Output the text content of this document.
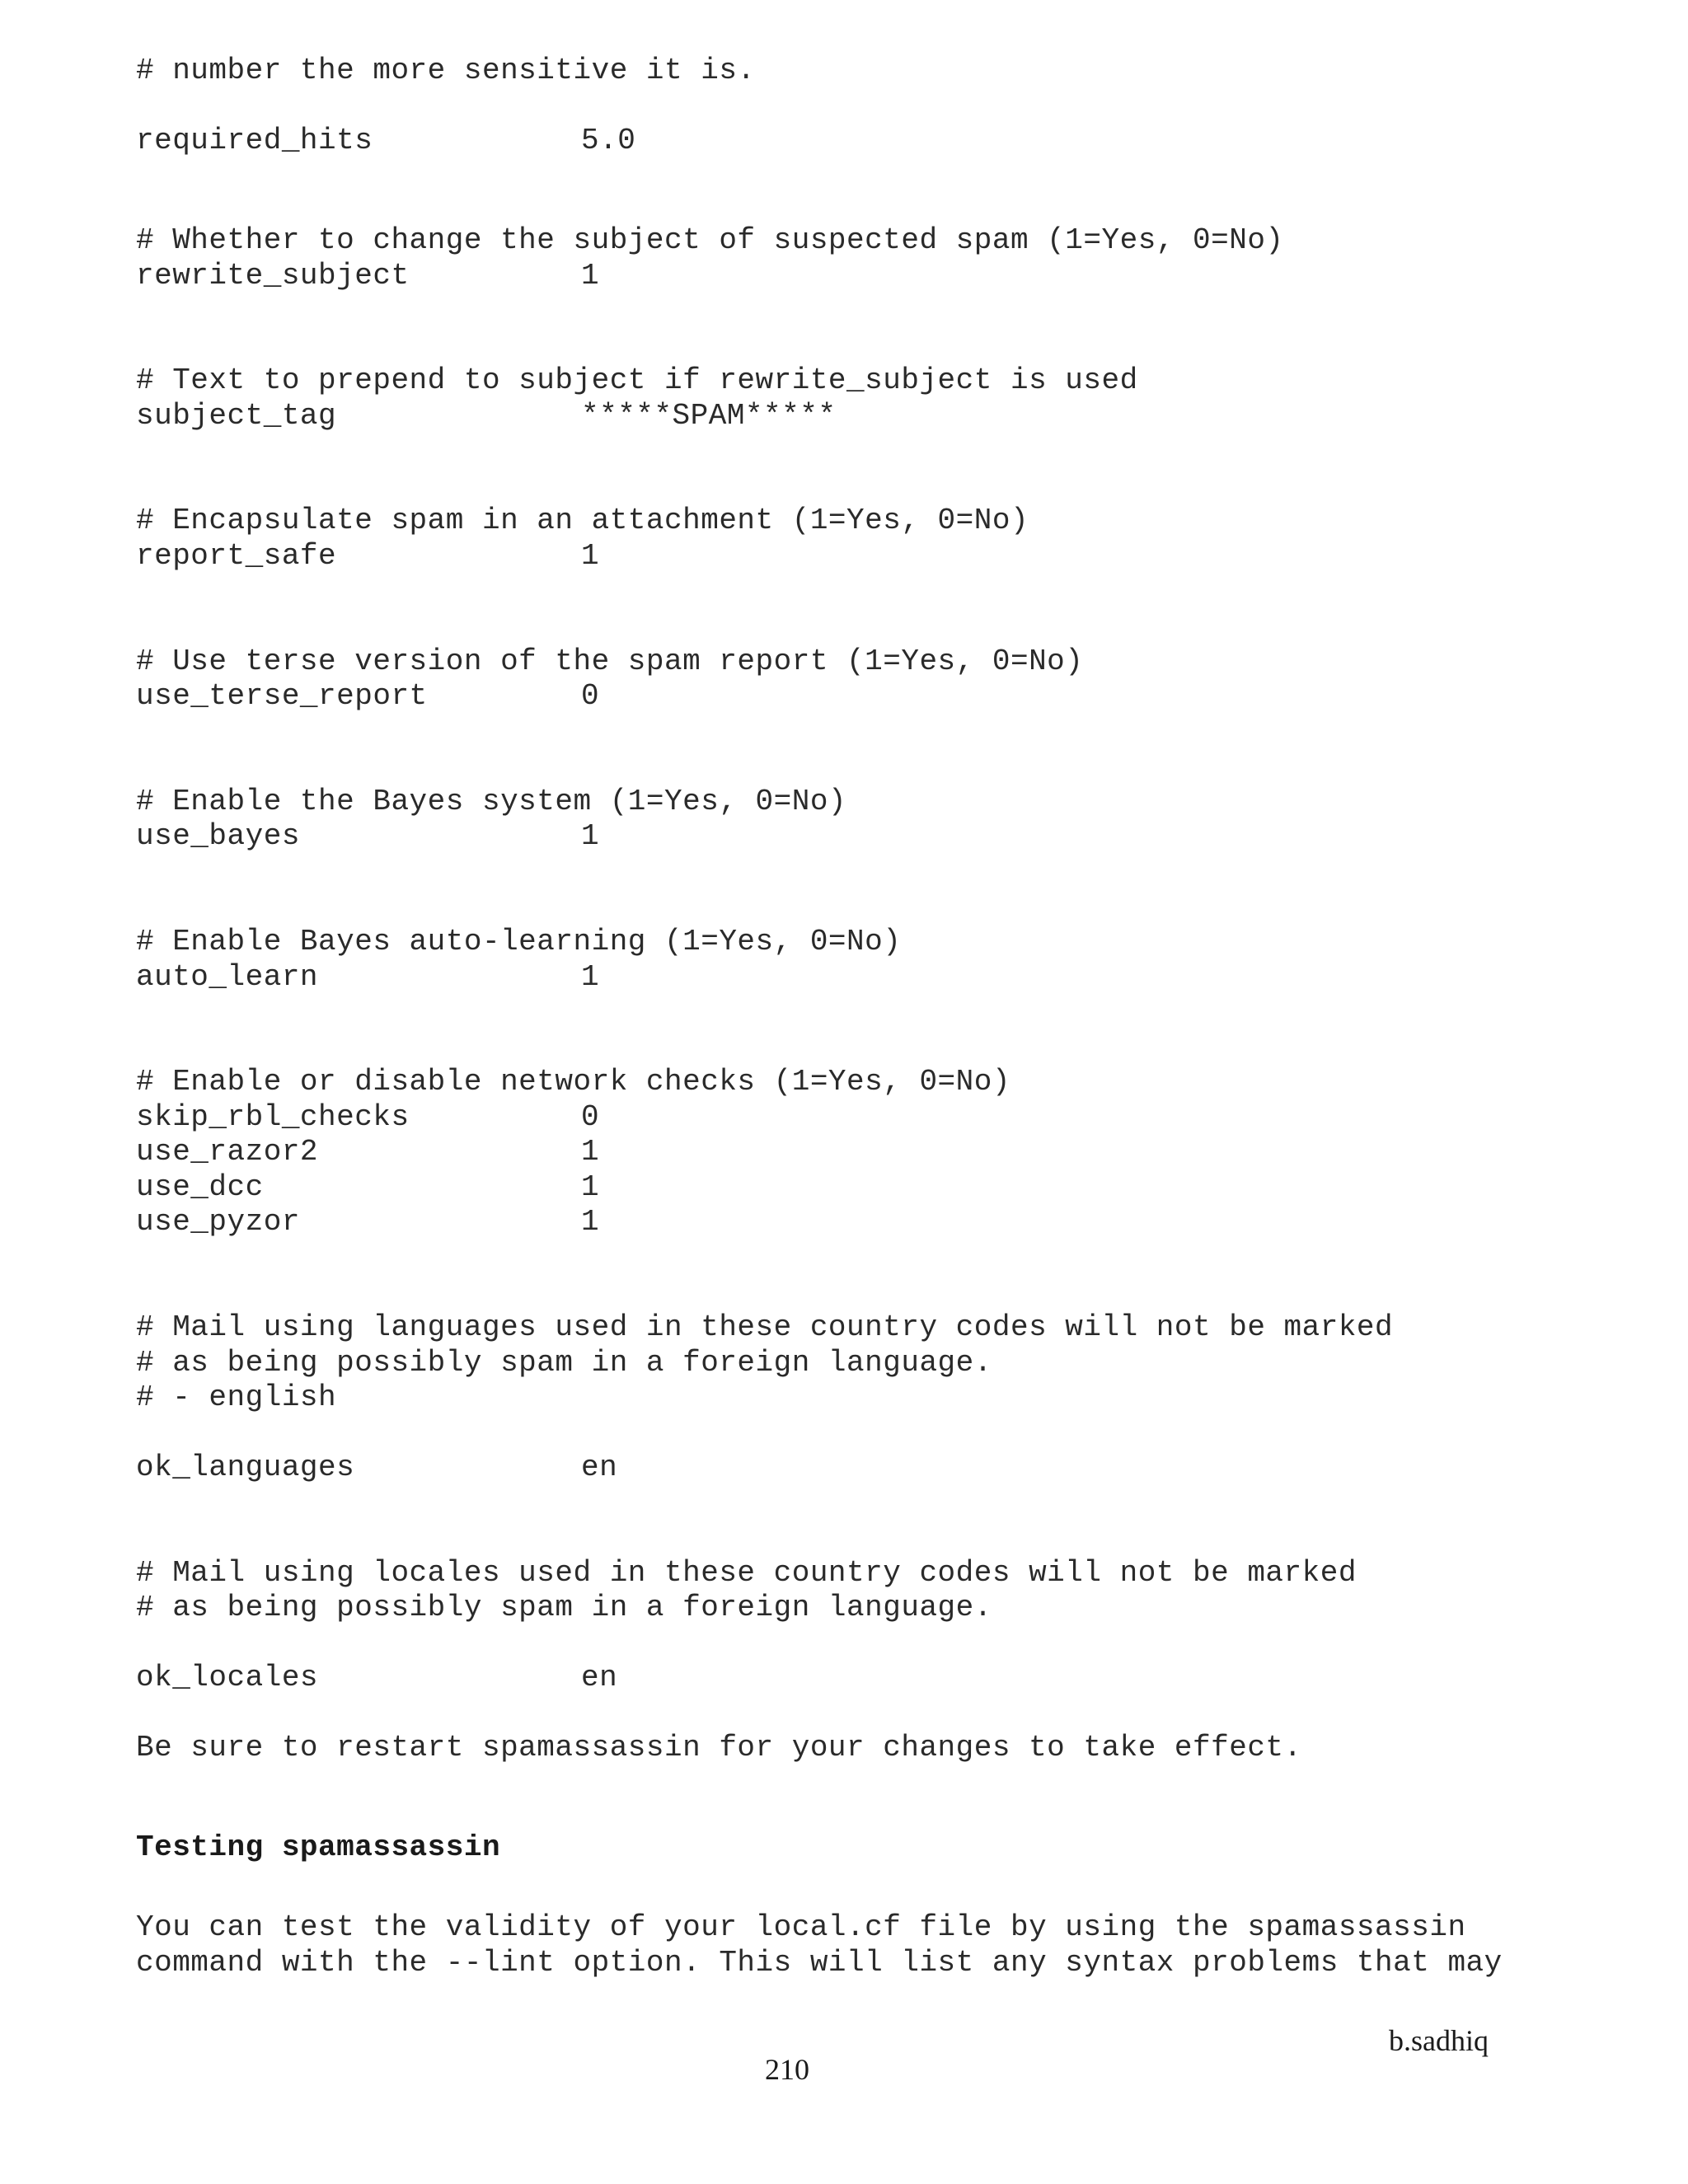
# number the more sensitive it is.

required_hits	5.0

# Whether to change the subject of suspected spam (1=Yes, 0=No)

rewrite_subject	1

# Text to prepend to subject if rewrite_subject is used

subject_tag	*****SPAM*****

# Encapsulate spam in an attachment (1=Yes, 0=No)

report_safe	1

# Use terse version of the spam report (1=Yes, 0=No)

use_terse_report	0

# Enable the Bayes system (1=Yes, 0=No)

use_bayes	1

# Enable Bayes auto-learning (1=Yes, 0=No)

auto_learn	1

# Enable or disable network checks (1=Yes, 0=No)

skip_rbl_checks	0

use_razor2	1

use_dcc	1

use_pyzor	1

# Mail using languages used in these country codes will not be marked

# as being possibly spam in a foreign language.

# - english

ok_languages	en

# Mail using locales used in these country codes will not be marked

# as being possibly spam in a foreign language.

ok_locales	en

Be sure to restart spamassassin for your changes to take effect.

Testing spamassassin

You can test the validity of your local.cf file by using the spamassassin

command with the --lint option. This will list any syntax problems that may

b.sadhiq
210
